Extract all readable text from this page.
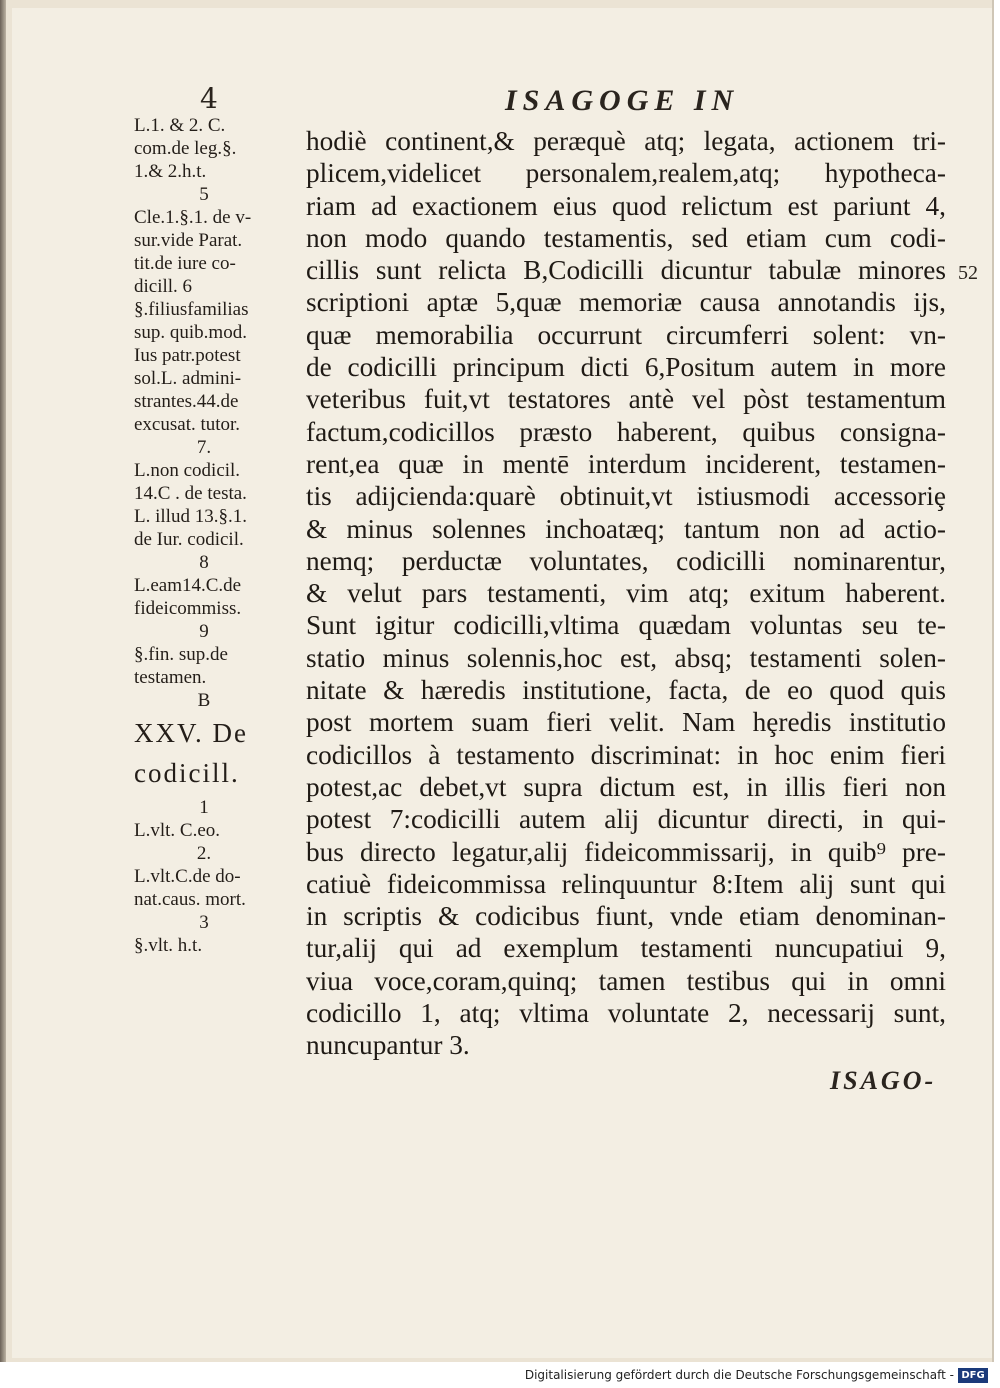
4	ISAGOGE IN
52
L.1. & 2. C.
com.de leg.§.
1.& 2.h.t.
5
Cle.1.§.1. de v-
sur.vide Parat.
tit.de iure co-
dicill. 6
§.filiusfamilias
sup. quib.mod.
Ius patr.potest
sol.L. admini-
strantes.44.de
excusat. tutor.
7.
L.non codicil.
14.C . de testa.
L. illud 13.§.1.
de Iur. codicil.
8
L.eam14.C.de
fideicommiss.
9
§.fin. sup.de
testamen.
B
XXV. De
codicill.
1
L.vlt. C.eo.
2.
L.vlt.C.de do-
nat.caus. mort.
3
§.vlt. h.t.
hodiè continent,& peræquè atq; legata, actionem tri-
plicem,videlicet personalem,realem,atq; hypotheca-
riam ad exactionem eius quod relictum est pariunt 4,
non modo quando testamentis, sed etiam cum codi-
cillis sunt relicta B,Codicilli dicuntur tabulæ minores
scriptioni aptæ 5,quæ memoriæ causa annotandis ijs,
quæ memorabilia occurrunt circumferri solent: vn-
de codicilli principum dicti 6,Positum autem in more
veteribus fuit,vt testatores antè vel pòst testamentum
factum,codicillos præsto haberent, quibus consigna-
rent,ea quæ in mentē interdum inciderent, testamen-
tis adijcienda:quarè obtinuit,vt istiusmodi accessoriȩ
& minus solennes inchoatæq; tantum non ad actio-
nemq; perductæ voluntates, codicilli nominarentur,
& velut pars testamenti, vim atq; exitum haberent.
Sunt igitur codicilli,vltima quædam voluntas seu te-
statio minus solennis,hoc est, absq; testamenti solen-
nitate & hæredis institutione, facta, de eo quod quis
post mortem suam fieri velit. Nam hȩredis institutio
codicillos à testamento discriminat: in hoc enim fieri
potest,ac debet,vt supra dictum est, in illis fieri non
potest 7:codicilli autem alij dicuntur directi, in qui-
bus directo legatur,alij fideicommissarij, in quib⁹ pre-
catiuè fideicommissa relinquuntur 8:Item alij sunt qui
in scriptis & codicibus fiunt, vnde etiam denominan-
tur,alij qui ad exemplum testamenti nuncupatiui 9,
viua voce,coram,quinq; tamen testibus qui in omni
codicillo 1, atq; vltima voluntate 2, necessarij sunt,
nuncupantur 3.
ISAGO-
Digitalisierung gefördert durch die Deutsche Forschungsgemeinschaft - DFG
